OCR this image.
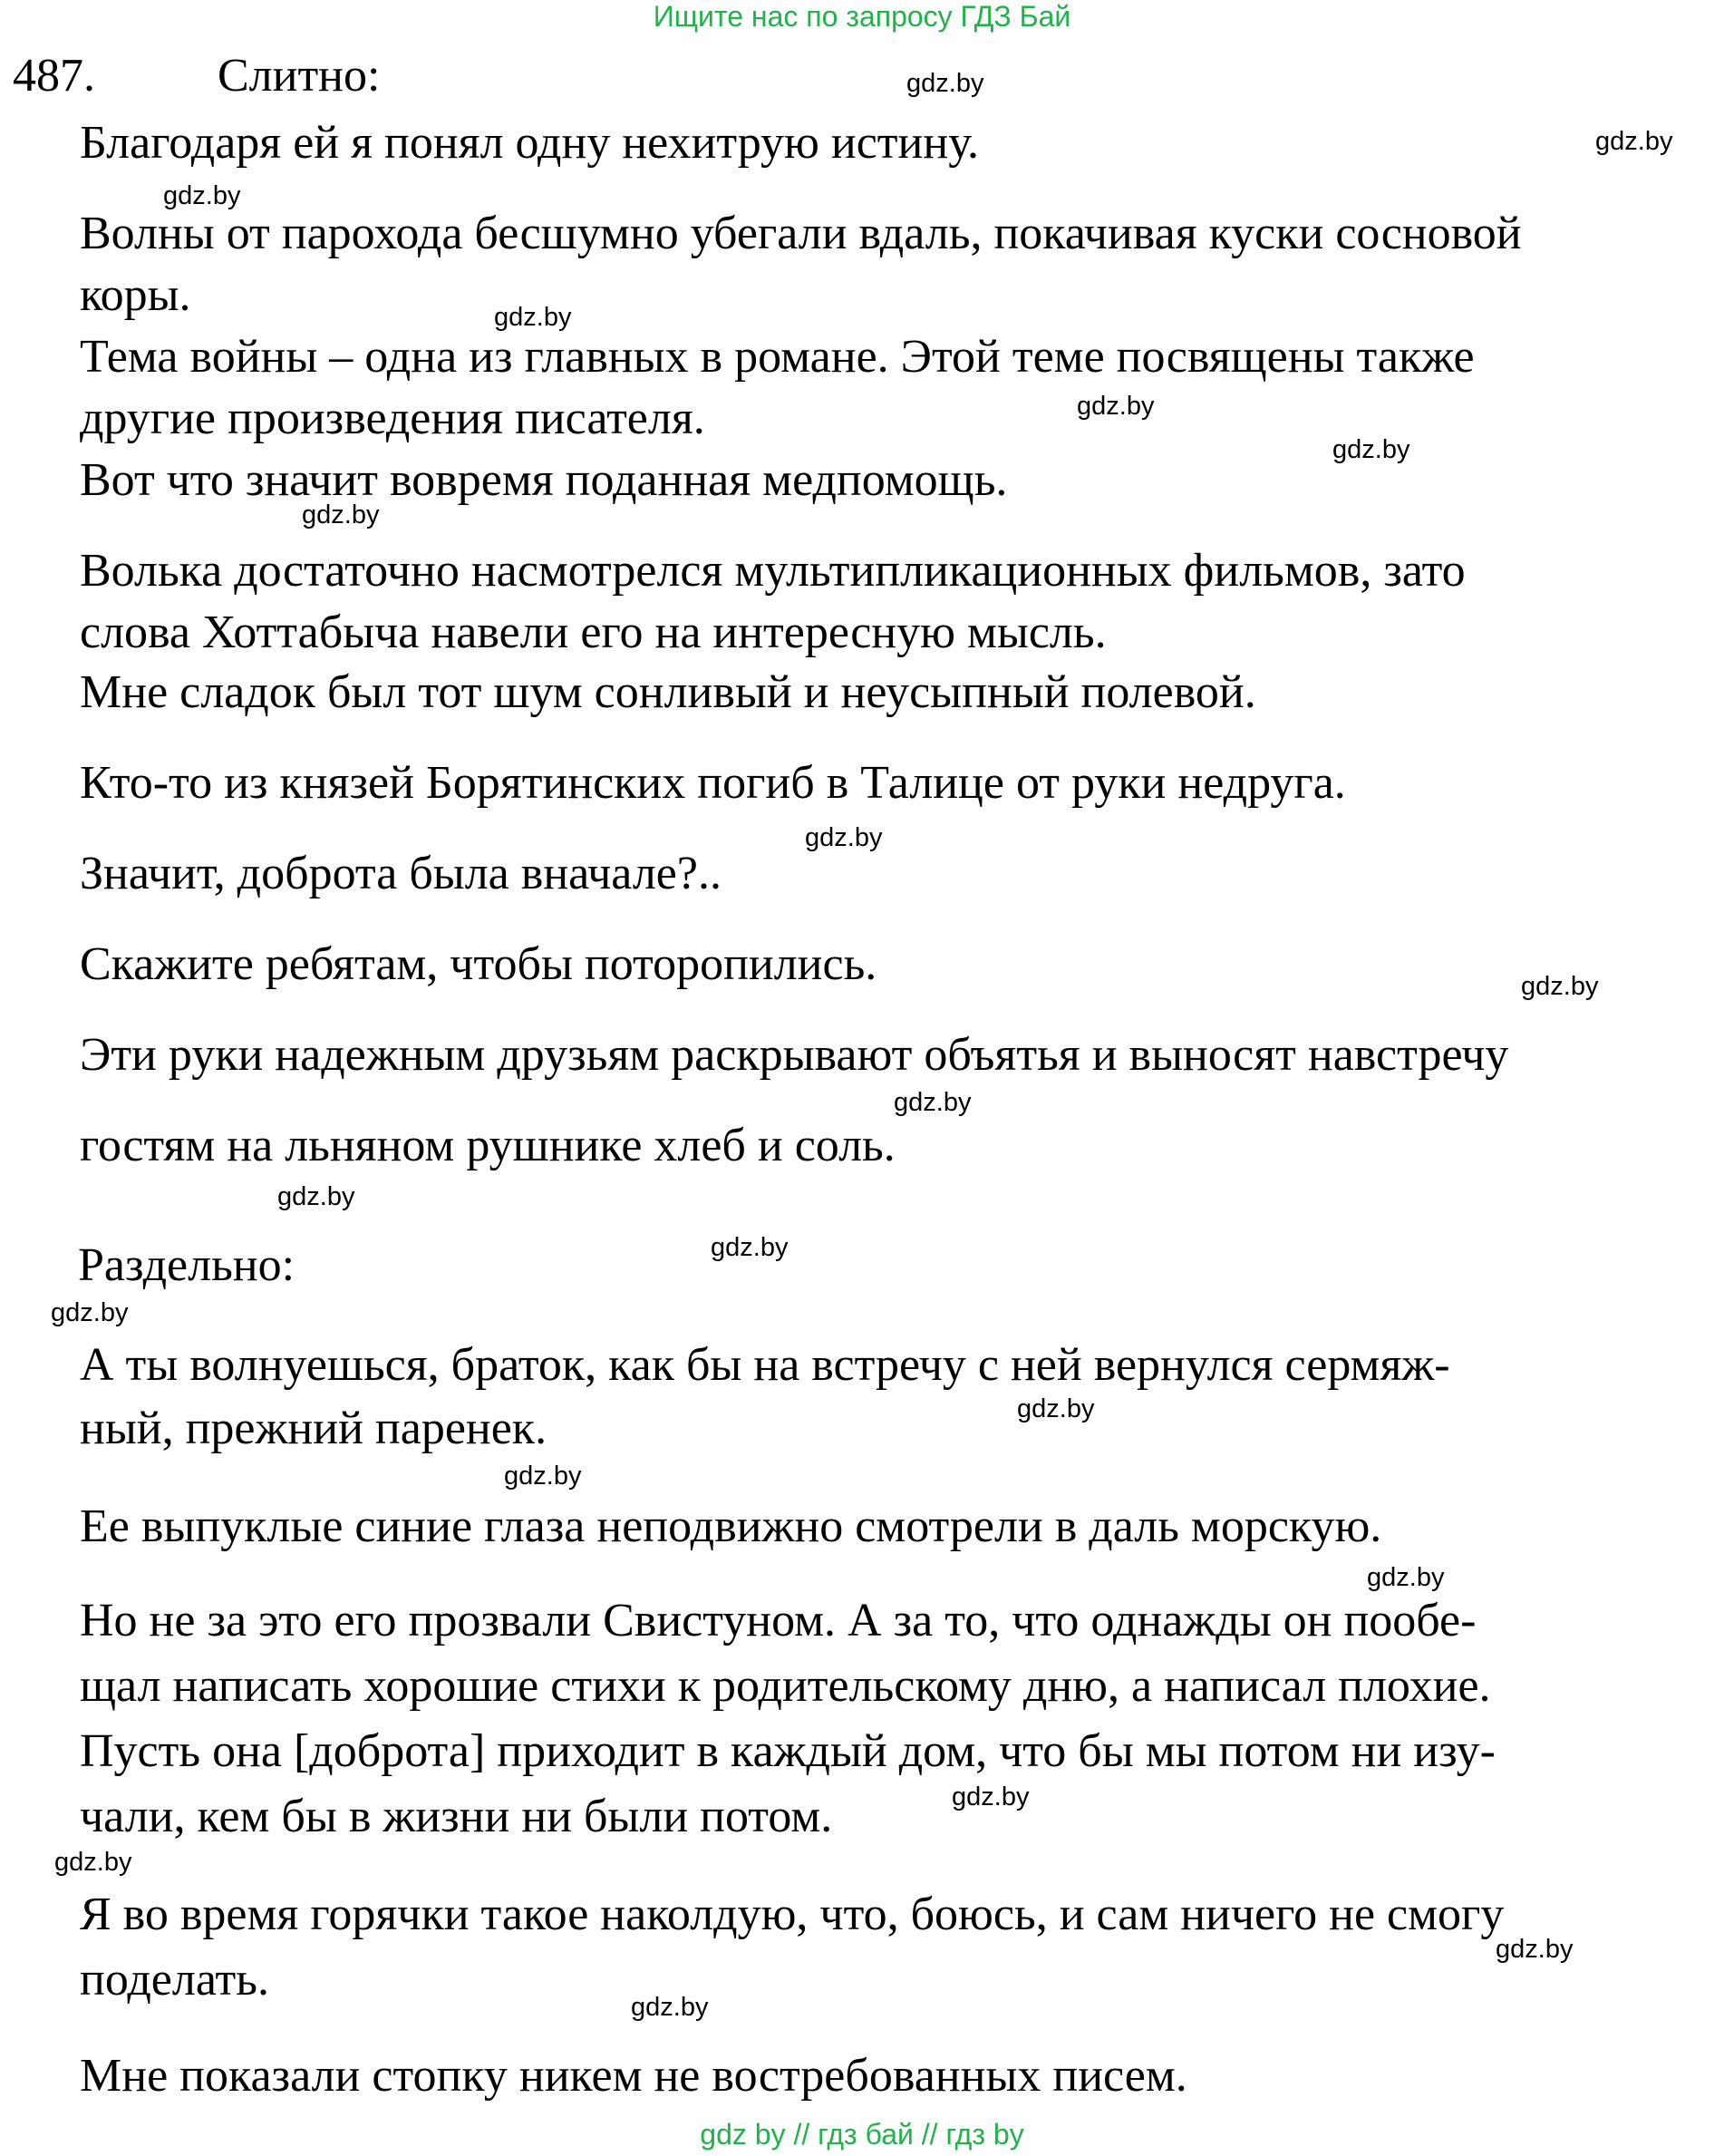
Ищите нас по запросу ГДЗ Бай
487.	Слитно:
Благодаря ей я понял одну нехитрую истину.
Волны от парохода бесшумно убегали вдаль, покачивая куски сосновой
коры.
Тема войны – одна из главных в романе. Этой теме посвящены также
другие произведения писателя.
Вот что значит вовремя поданная медпомощь.
Волька достаточно насмотрелся мультипликационных фильмов, зато
слова Хоттабыча навели его на интересную мысль.
Мне сладок был тот шум сонливый и неусыпный полевой.
Кто-то из князей Борятинских погиб в Талице от руки недруга.
Значит, доброта была вначале?..
Скажите ребятам, чтобы поторопились.
Эти руки надежным друзьям раскрывают объятья и выносят навстречу
гостям на льняном рушнике хлеб и соль.
Раздельно:
А ты волнуешься, браток, как бы на встречу с ней вернулся сермяж-
ный, прежний паренек.
Ее выпуклые синие глаза неподвижно смотрели в даль морскую.
Но не за это его прозвали Свистуном. А за то, что однажды он пообе-
щал написать хорошие стихи к родительскому дню, а написал плохие.
Пусть она [доброта] приходит в каждый дом, что бы мы потом ни изу-
чали, кем бы в жизни ни были потом.
Я во время горячки такое наколдую, что, боюсь, и сам ничего не смогу
поделать.
Мне показали стопку никем не востребованных писем.
gdz.by
gdz.by
gdz.by
gdz.by
gdz.by
gdz.by
gdz.by
gdz.by
gdz.by
gdz.by
gdz.by
gdz.by
gdz.by
gdz.by
gdz.by
gdz.by
gdz.by
gdz.by
gdz.by
gdz.by
gdz by // гдз бай // гдз by
